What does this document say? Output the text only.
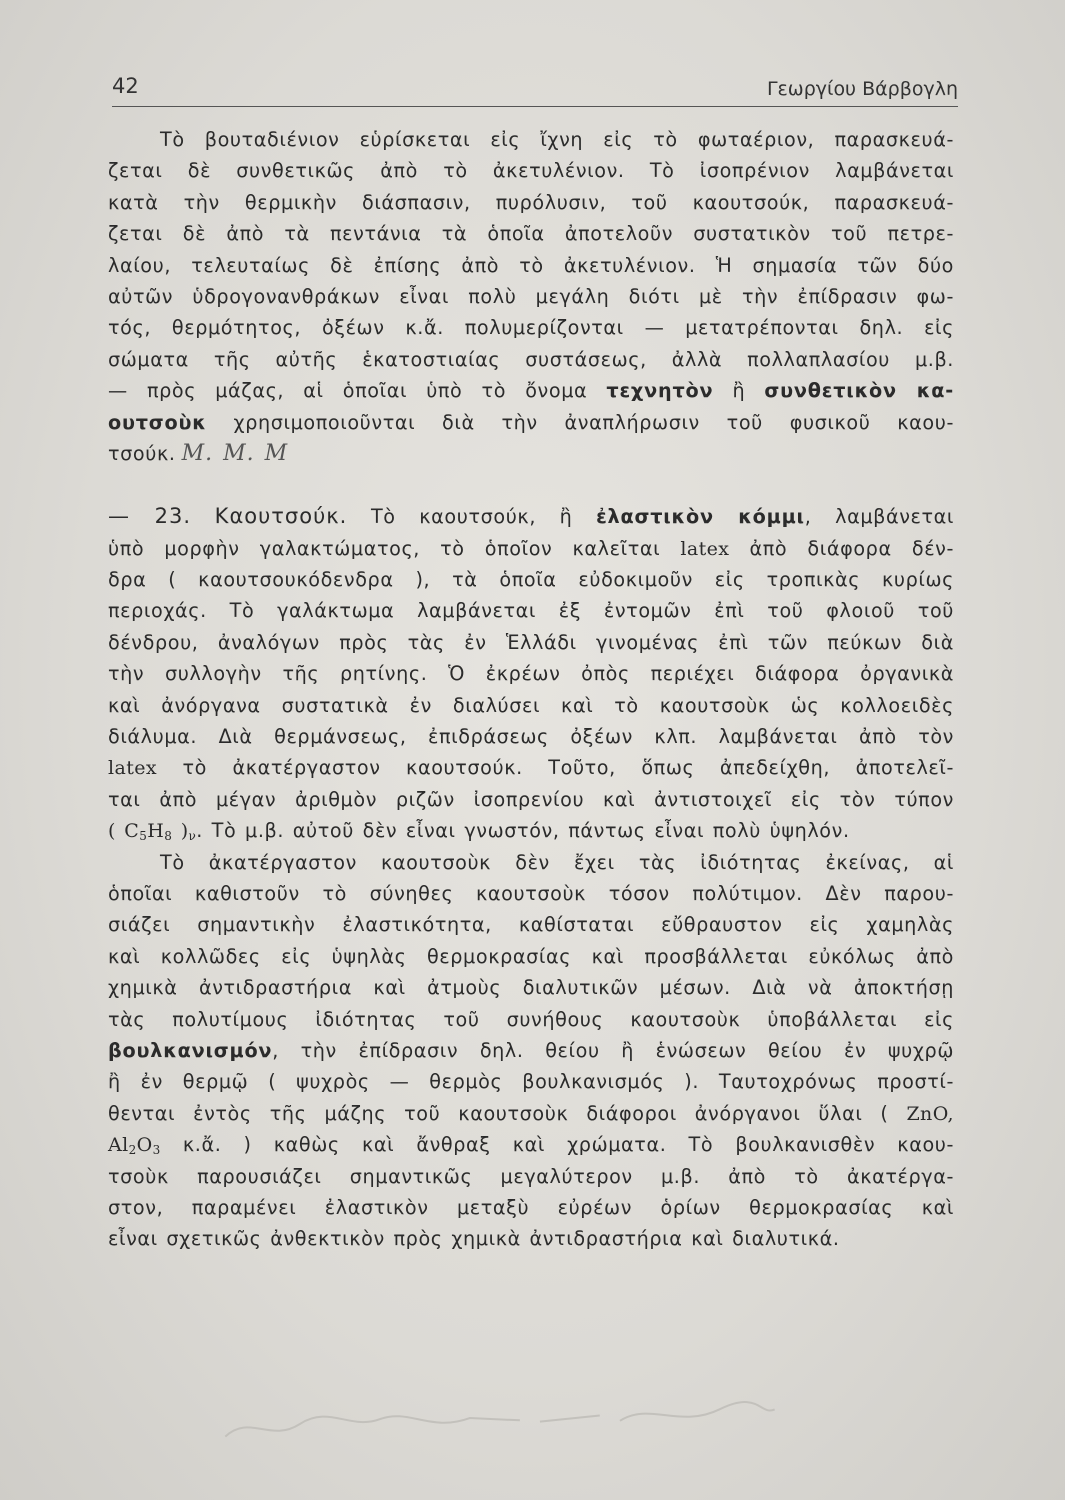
42	Γεωργίου Βάρβογλη
Τὸ βουταδιένιον εὑρίσκεται εἰς ἴχνη εἰς τὸ φωταέριον, παρασκευά-
ζεται δὲ συνθετικῶς ἀπὸ τὸ ἀκετυλένιον. Τὸ ἰσοπρένιον λαμβάνεται
κατὰ τὴν θερμικὴν διάσπασιν, πυρόλυσιν, τοῦ καουτσούκ, παρασκευά-
ζεται δὲ ἀπὸ τὰ πεντάνια τὰ ὁποῖα ἀποτελοῦν συστατικὸν τοῦ πετρε-
λαίου, τελευταίως δὲ ἐπίσης ἀπὸ τὸ ἀκετυλένιον. Ἡ σημασία τῶν δύο
αὐτῶν ὑδρογονανθράκων εἶναι πολὺ μεγάλη διότι μὲ τὴν ἐπίδρασιν φω-
τός, θερμότητος, ὀξέων κ.ἄ. πολυμερίζονται — μετατρέπονται δηλ. εἰς
σώματα τῆς αὐτῆς ἑκατοστιαίας συστάσεως, ἀλλὰ πολλαπλασίου μ.β.
— πρὸς μάζας, αἱ ὁποῖαι ὑπὸ τὸ ὄνομα τεχνητὸν ἢ συνθετικὸν κα-
ουτσοὺκ χρησιμοποιοῦνται διὰ τὴν ἀναπλήρωσιν τοῦ φυσικοῦ καου-
τσούκ. M. M. M
— 23. Καουτσούκ. Τὸ καουτσούκ, ἢ ἐλαστικὸν κόμμι, λαμβάνεται
ὑπὸ μορφὴν γαλακτώματος, τὸ ὁποῖον καλεῖται latex ἀπὸ διάφορα δέν-
δρα ( καουτσουκόδενδρα ), τὰ ὁποῖα εὐδοκιμοῦν εἰς τροπικὰς κυρίως
περιοχάς. Τὸ γαλάκτωμα λαμβάνεται ἐξ ἐντομῶν ἐπὶ τοῦ φλοιοῦ τοῦ
δένδρου, ἀναλόγων πρὸς τὰς ἐν Ἑλλάδι γινομένας ἐπὶ τῶν πεύκων διὰ
τὴν συλλογὴν τῆς ρητίνης. Ὁ ἐκρέων ὀπὸς περιέχει διάφορα ὀργανικὰ
καὶ ἀνόργανα συστατικὰ ἐν διαλύσει καὶ τὸ καουτσοὺκ ὡς κολλοειδὲς
διάλυμα. Διὰ θερμάνσεως, ἐπιδράσεως ὀξέων κλπ. λαμβάνεται ἀπὸ τὸν
latex τὸ ἀκατέργαστον καουτσούκ. Τοῦτο, ὅπως ἀπεδείχθη, ἀποτελεῖ-
ται ἀπὸ μέγαν ἀριθμὸν ριζῶν ἰσοπρενίου καὶ ἀντιστοιχεῖ εἰς τὸν τύπον
( $C_5H_8$ )$_\nu$. Τὸ μ.β. αὐτοῦ δὲν εἶναι γνωστόν, πάντως εἶναι πολὺ ὑψηλόν.
Τὸ ἀκατέργαστον καουτσοὺκ δὲν ἔχει τὰς ἰδιότητας ἐκείνας, αἱ
ὁποῖαι καθιστοῦν τὸ σύνηθες καουτσοὺκ τόσον πολύτιμον. Δὲν παρου-
σιάζει σημαντικὴν ἐλαστικότητα, καθίσταται εὔθραυστον εἰς χαμηλὰς
καὶ κολλῶδες εἰς ὑψηλὰς θερμοκρασίας καὶ προσβάλλεται εὐκόλως ἀπὸ
χημικὰ ἀντιδραστήρια καὶ ἀτμοὺς διαλυτικῶν μέσων. Διὰ νὰ ἀποκτήσῃ
τὰς πολυτίμους ἰδιότητας τοῦ συνήθους καουτσοὺκ ὑποβάλλεται εἰς
βουλκανισμόν, τὴν ἐπίδρασιν δηλ. θείου ἢ ἑνώσεων θείου ἐν ψυχρῷ
ἢ ἐν θερμῷ ( ψυχρὸς — θερμὸς βουλκανισμός ). Ταυτοχρόνως προστί-
θενται ἐντὸς τῆς μάζης τοῦ καουτσοὺκ διάφοροι ἀνόργανοι ὕλαι ( ZnO,
$Al_2O_3$ κ.ἄ. ) καθὼς καὶ ἄνθραξ καὶ χρώματα. Τὸ βουλκανισθὲν καου-
τσοὺκ παρουσιάζει σημαντικῶς μεγαλύτερον μ.β. ἀπὸ τὸ ἀκατέργα-
στον, παραμένει ἐλαστικὸν μεταξὺ εὐρέων ὁρίων θερμοκρασίας καὶ
εἶναι σχετικῶς ἀνθεκτικὸν πρὸς χημικὰ ἀντιδραστήρια καὶ διαλυτικά.
